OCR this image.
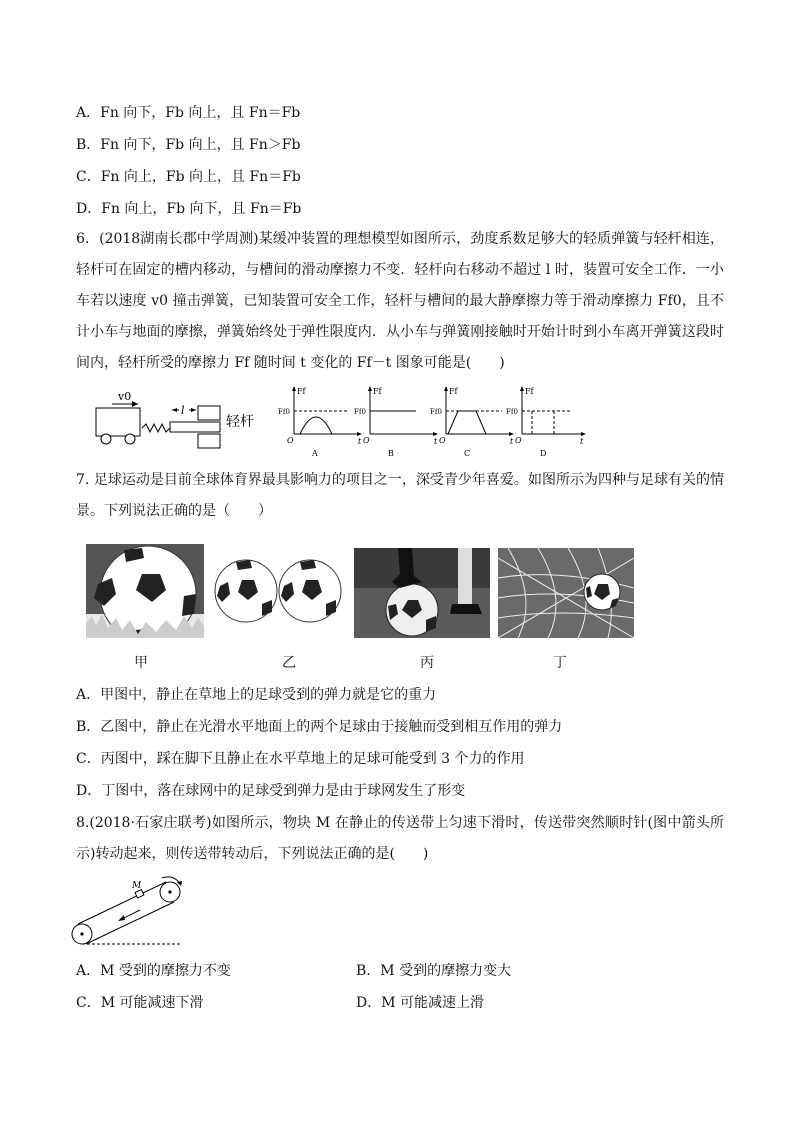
A．Fn 向下，Fb 向上，且 Fn＝Fb
B．Fn 向下，Fb 向上，且 Fn＞Fb
C．Fn 向上，Fb 向上，且 Fn＝Fb
D．Fn 向上，Fb 向下，且 Fn＝Fb
6．(2018湖南长郡中学周测)某缓冲装置的理想模型如图所示，劲度系数足够大的轻质弹簧与轻杆相连，轻杆可在固定的槽内移动，与槽间的滑动摩擦力不变．轻杆向右移动不超过 l 时，装置可安全工作．一小车若以速度 v0 撞击弹簧，已知装置可安全工作，轻杆与槽间的最大静摩擦力等于滑动摩擦力 Ff0，且不计小车与地面的摩擦，弹簧始终处于弹性限度内．从小车与弹簧刚接触时开始计时到小车离开弹簧这段时间内，轻杆所受的摩擦力 Ff 随时间 t 变化的 Ff－t 图象可能是(　　)
v0
l
轻杆
Ff
Ff0
O	t
A
Ff
Ff0
O	t
B
Ff
Ff0
O	t
C
Ff
Ff0
O	t
D
7. 足球运动是目前全球体育界最具影响力的项目之一，深受青少年喜爱。如图所示为四种与足球有关的情景。下列说法正确的是（　　）
甲	乙	丙	丁
A．甲图中，静止在草地上的足球受到的弹力就是它的重力
B．乙图中，静止在光滑水平地面上的两个足球由于接触而受到相互作用的弹力
C．丙图中，踩在脚下且静止在水平草地上的足球可能受到 3 个力的作用
D．丁图中，落在球网中的足球受到弹力是由于球网发生了形变
8.(2018·石家庄联考)如图所示，物块 M 在静止的传送带上匀速下滑时，传送带突然顺时针(图中箭头所示)转动起来，则传送带转动后，下列说法正确的是(　　)
M
A．M 受到的摩擦力不变	B．M 受到的摩擦力变大
C．M 可能减速下滑	D．M 可能减速上滑
